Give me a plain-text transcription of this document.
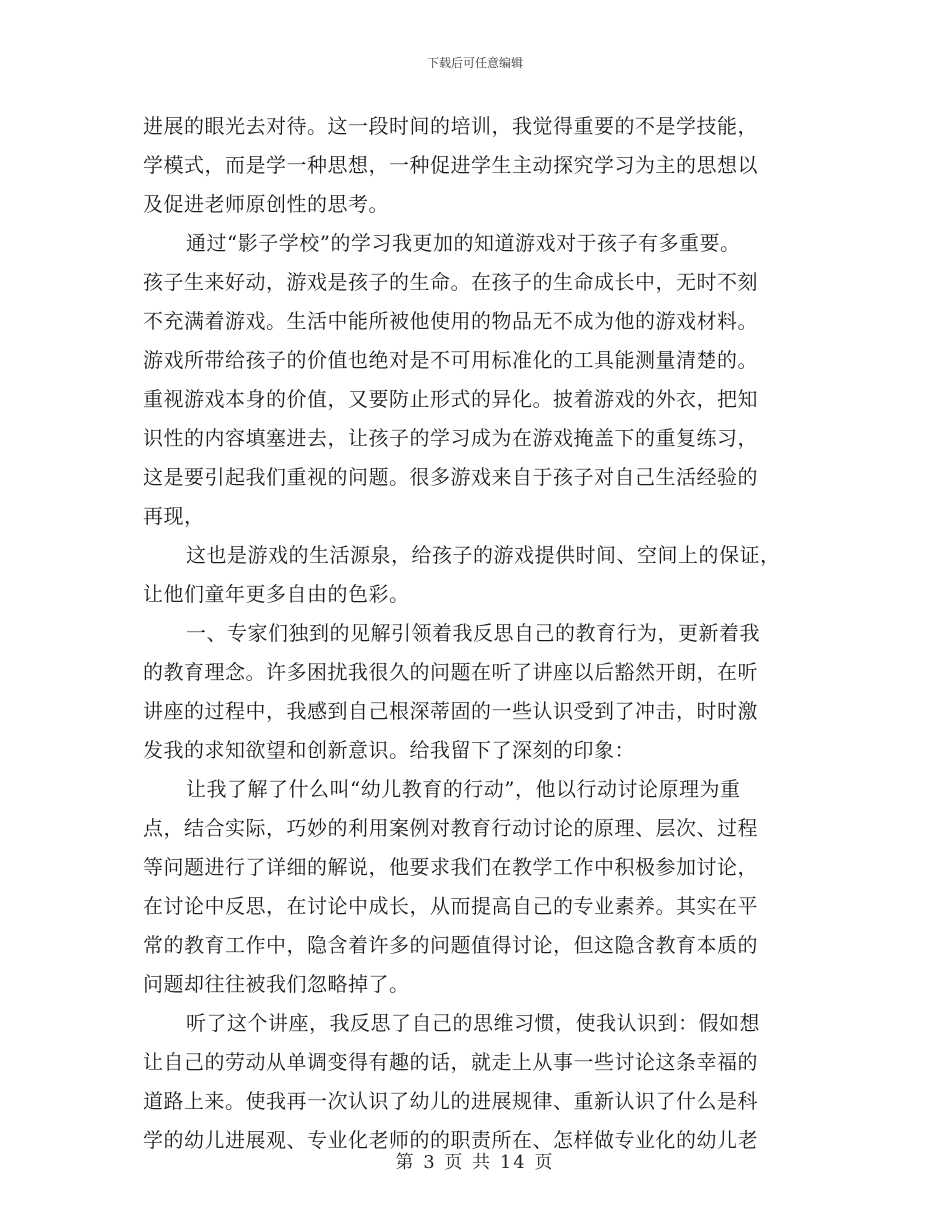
下载后可任意编辑
进展的眼光去对待。这一段时间的培训，我觉得重要的不是学技能，
学模式，而是学一种思想，一种促进学生主动探究学习为主的思想以
及促进老师原创性的思考。
通过“影子学校”的学习我更加的知道游戏对于孩子有多重要。
孩子生来好动，游戏是孩子的生命。在孩子的生命成长中，无时不刻
不充满着游戏。生活中能所被他使用的物品无不成为他的游戏材料。
游戏所带给孩子的价值也绝对是不可用标准化的工具能测量清楚的。
重视游戏本身的价值，又要防止形式的异化。披着游戏的外衣，把知
识性的内容填塞进去，让孩子的学习成为在游戏掩盖下的重复练习，
这是要引起我们重视的问题。很多游戏来自于孩子对自己生活经验的
再现，
这也是游戏的生活源泉，给孩子的游戏提供时间、空间上的保证，
让他们童年更多自由的色彩。
一、专家们独到的见解引领着我反思自己的教育行为，更新着我
的教育理念。许多困扰我很久的问题在听了讲座以后豁然开朗，在听
讲座的过程中，我感到自己根深蒂固的一些认识受到了冲击，时时激
发我的求知欲望和创新意识。给我留下了深刻的印象：
让我了解了什么叫“幼儿教育的行动”，他以行动讨论原理为重
点，结合实际，巧妙的利用案例对教育行动讨论的原理、层次、过程
等问题进行了详细的解说，他要求我们在教学工作中积极参加讨论，
在讨论中反思，在讨论中成长，从而提高自己的专业素养。其实在平
常的教育工作中，隐含着许多的问题值得讨论，但这隐含教育本质的
问题却往往被我们忽略掉了。
听了这个讲座，我反思了自己的思维习惯，使我认识到：假如想
让自己的劳动从单调变得有趣的话，就走上从事一些讨论这条幸福的
道路上来。使我再一次认识了幼儿的进展规律、重新认识了什么是科
学的幼儿进展观、专业化老师的的职责所在、怎样做专业化的幼儿老
第 3 页 共 14 页
